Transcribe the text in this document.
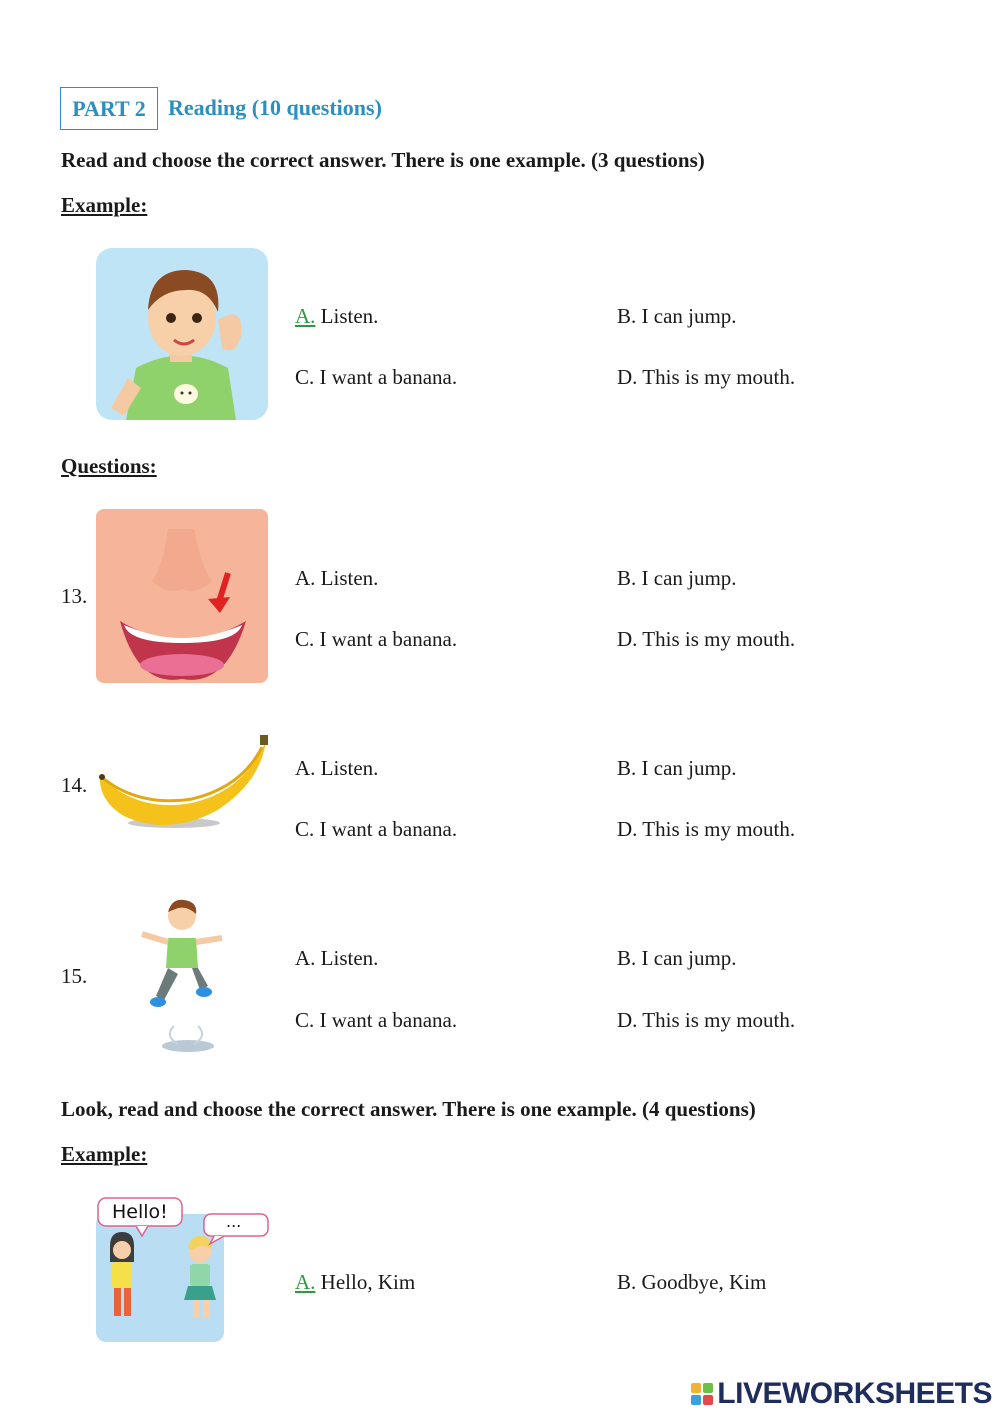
PART 2	Reading (10 questions)
Read and choose the correct answer. There is one example. (3 questions)
Example:
A. Listen.	B. I can jump.
C. I want a banana.	D. This is my mouth.
Questions:
13.
A. Listen.	B. I can jump.
C. I want a banana.	D. This is my mouth.
14.
A. Listen.	B. I can jump.
C. I want a banana.	D. This is my mouth.
15.
A. Listen.	B. I can jump.
C. I want a banana.	D. This is my mouth.
Look, read and choose the correct answer. There is one example. (4 questions)
Example:
Hello!	...
A. Hello, Kim	B. Goodbye, Kim
LIVEWORKSHEETS
